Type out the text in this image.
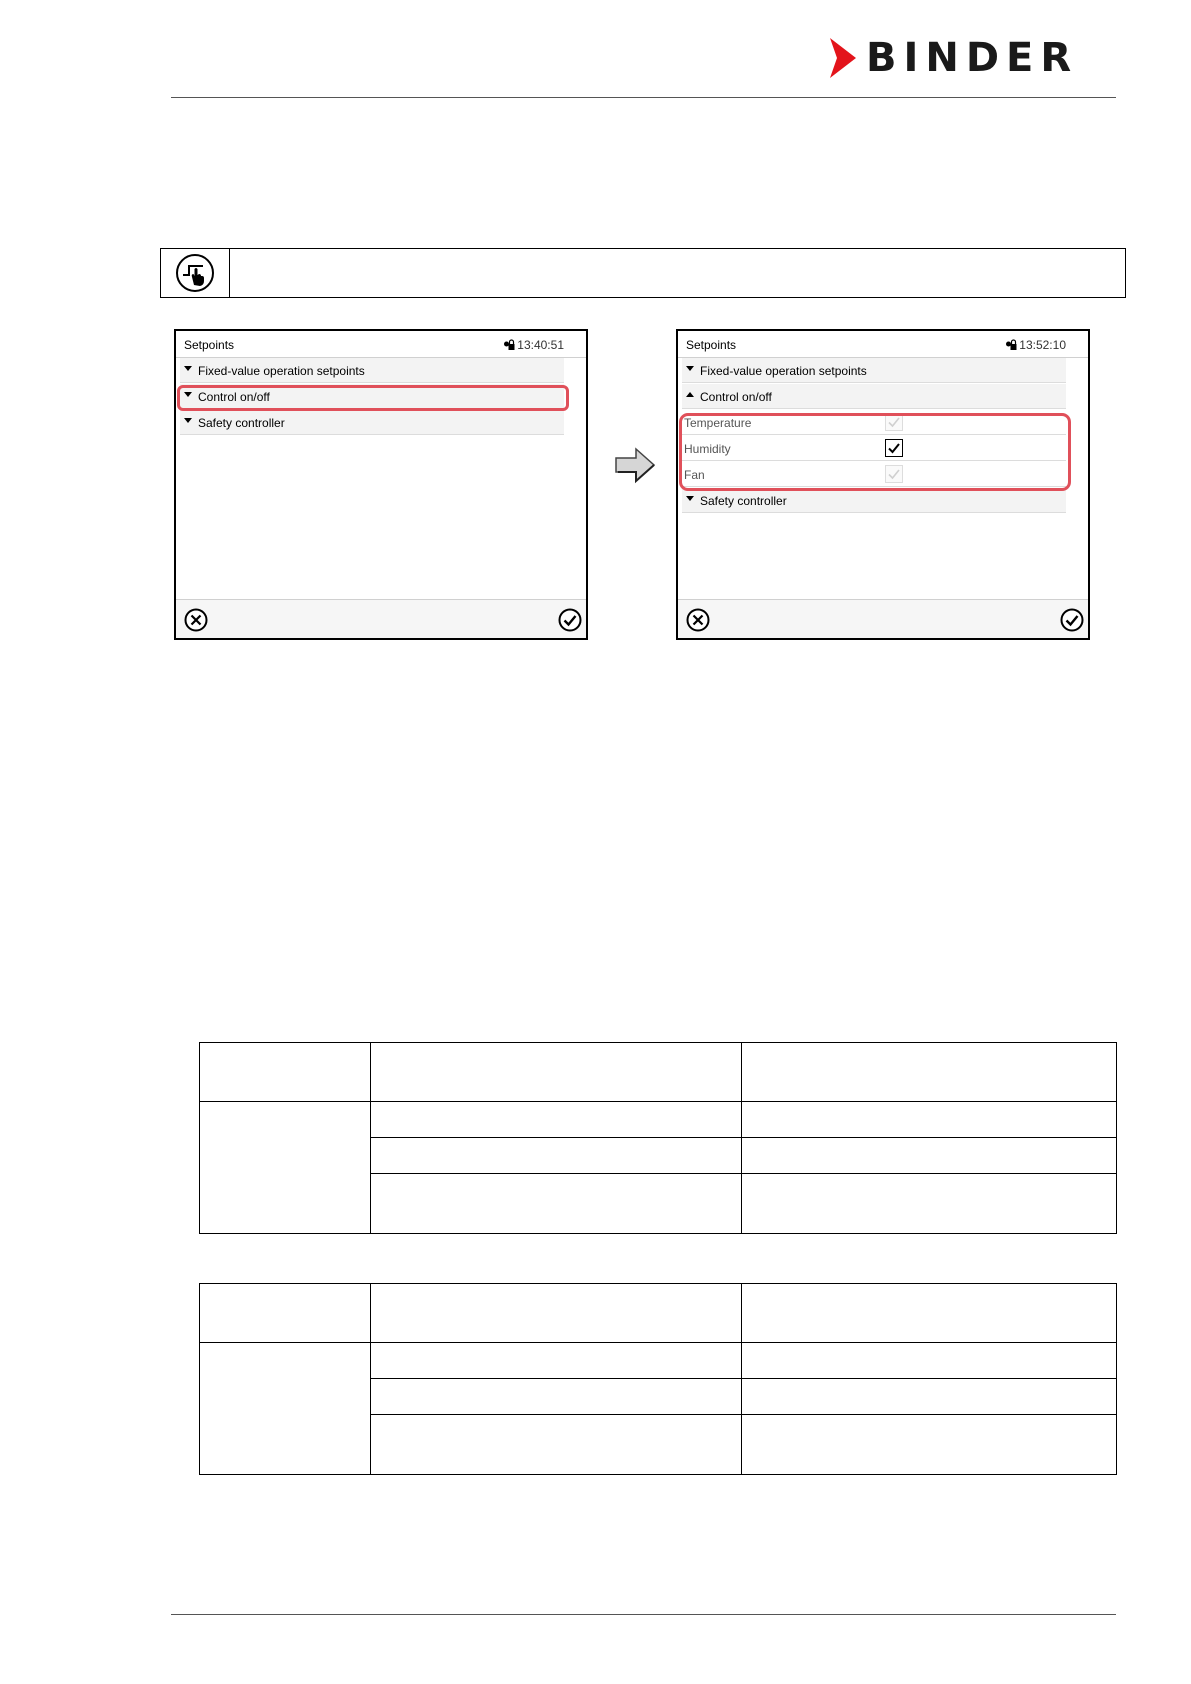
BINDER
Setpoints	13:40:51
Fixed-value operation setpoints
Control on/off
Safety controller
Setpoints	13:52:10
Fixed-value operation setpoints
Control on/off
Temperature
Humidity
Fan
Safety controller
